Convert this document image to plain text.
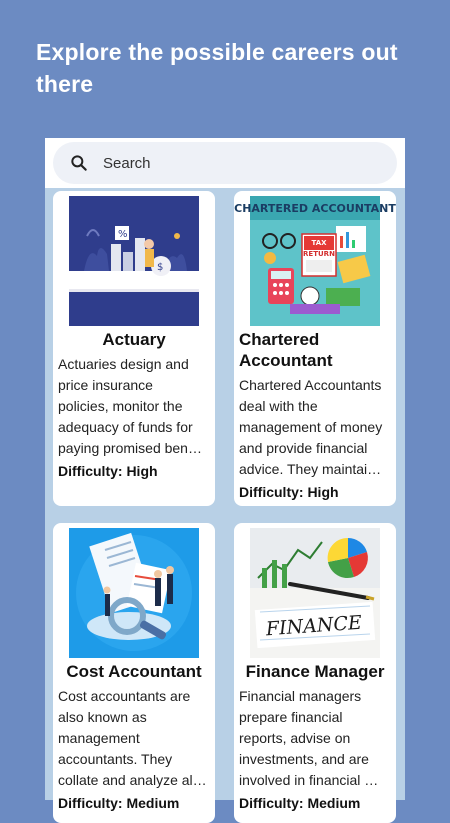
Explore the possible careers out there
Search
%
$
Actuary
Actuaries design and
price insurance
policies, monitor the
adequacy of funds for
paying promised ben…
Difficulty: High
CHARTERED ACCOUNTANT
TAX
RETURN
Chartered
Accountant
Chartered Accountants
deal with the
management of money
and provide financial
advice. They maintai…
Difficulty: High
Cost Accountant
Cost accountants are
also known as
management
accountants. They
collate and analyze al…
Difficulty: Medium
FINANCE
Finance Manager
Financial managers
prepare financial
reports, advise on
investments, and are
involved in financial …
Difficulty: Medium
